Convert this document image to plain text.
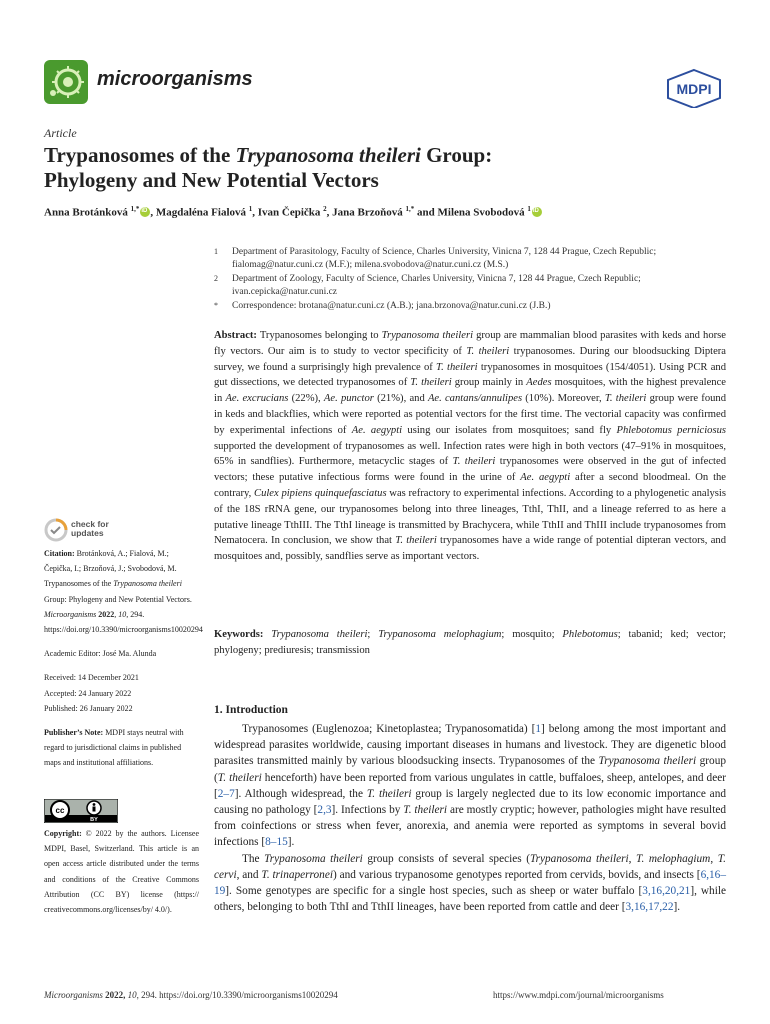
microorganisms	MDPI
Article
Trypanosomes of the Trypanosoma theileri Group:
Phylogeny and New Potential Vectors
Anna Brotánková $^{1,*}$iD , Magdaléna Fialová $^1$, Ivan Čepička $^2$, Jana Brzoňová $^{1,*}$ and Milena Svobodová $^1$iD
1 Department of Parasitology, Faculty of Science, Charles University, Vinicna 7, 128 44 Prague, Czech Republic; fialomag@natur.cuni.cz (M.F.); milena.svobodova@natur.cuni.cz (M.S.)
2 Department of Zoology, Faculty of Science, Charles University, Vinicna 7, 128 44 Prague, Czech Republic; ivan.cepicka@natur.cuni.cz
* Correspondence: brotana@natur.cuni.cz (A.B.); jana.brzonova@natur.cuni.cz (J.B.)
Abstract: Trypanosomes belonging to Trypanosoma theileri group are mammalian blood parasites with keds and horse fly vectors. Our aim is to study to vector specificity of T. theileri trypanosomes. During our bloodsucking Diptera survey, we found a surprisingly high prevalence of T. theileri trypanosomes in mosquitoes (154/4051). Using PCR and gut dissections, we detected trypanosomes of T. theileri group mainly in Aedes mosquitoes, with the highest prevalence in Ae. excrucians (22%), Ae. punctor (21%), and Ae. cantans/annulipes (10%). Moreover, T. theileri group were found in keds and blackflies, which were reported as potential vectors for the first time. The vectorial capacity was confirmed by experimental infections of Ae. aegypti using our isolates from mosquitoes; sand fly Phlebotomus perniciosus supported the development of trypanosomes as well. Infection rates were high in both vectors (47–91% in mosquitoes, 65% in sandflies). Furthermore, metacyclic stages of T. theileri trypanosomes were observed in the gut of infected vectors; these putative infectious forms were found in the urine of Ae. aegypti after a second bloodmeal. On the contrary, Culex pipiens quinquefasciatus was refractory to experimental infections. According to a phylogenetic analysis of the 18S rRNA gene, our trypanosomes belong into three lineages, TthI, ThII, and a lineage referred to as here a putative lineage TthIII. The TthI lineage is transmitted by Brachycera, while TthII and ThIII include trypanosomes from Nematocera. In conclusion, we show that T. theileri trypanosomes have a wide range of potential dipteran vectors, and mosquitoes and, possibly, sandflies serve as important vectors.
Keywords: Trypanosoma theileri; Trypanosoma melophagium; mosquito; Phlebotomus; tabanid; ked; vector; phylogeny; prediuresis; transmission
check for
updates
Citation: Brotánková, A.; Fialová, M.; Čepička, I.; Brzoňová, J.; Svobodová, M. Trypanosomes of the Trypanosoma theileri Group: Phylogeny and New Potential Vectors. Microorganisms 2022, 10, 294. https://doi.org/10.3390/microorganisms10020294
Academic Editor: José Ma. Alunda
Received: 14 December 2021
Accepted: 24 January 2022
Published: 26 January 2022
Publisher’s Note: MDPI stays neutral with regard to jurisdictional claims in published maps and institutional affiliations.
cc
BY
Copyright: © 2022 by the authors. Licensee MDPI, Basel, Switzerland. This article is an open access article distributed under the terms and conditions of the Creative Commons Attribution (CC BY) license (https:// creativecommons.org/licenses/by/ 4.0/).
1. Introduction

Trypanosomes (Euglenozoa; Kinetoplastea; Trypanosomatida) [1] belong among the most important and widespread parasites worldwide, causing important diseases in humans and livestock. They are digenetic blood parasites transmitted mainly by various bloodsucking insects. Trypanosomes of the Trypanosoma theileri group (T. theileri henceforth) have been reported from various ungulates in cattle, buffaloes, sheep, antelopes, and deer [2–7]. Although widespread, the T. theileri group is largely neglected due to its low economic importance and causing no pathology [2,3]. Infections by T. theileri are mostly cryptic; however, pathologies might have resulted from coinfections or stress when fever, anorexia, and anemia were reported as symptoms in several bovid infections [8–15].

The Trypanosoma theileri group consists of several species (Trypanosoma theileri, T. melophagium, T. cervi, and T. trinaperronei) and various trypanosome genotypes reported from cervids, bovids, and insects [6,16–19]. Some genotypes are specific for a single host species, such as sheep or water buffalo [3,16,20,21], while others, belonging to both TthI and TthII lineages, have been reported from cattle and deer [3,16,17,22].

Microorganisms 2022, 10, 294. https://doi.org/10.3390/microorganisms10020294	https://www.mdpi.com/journal/microorganisms
